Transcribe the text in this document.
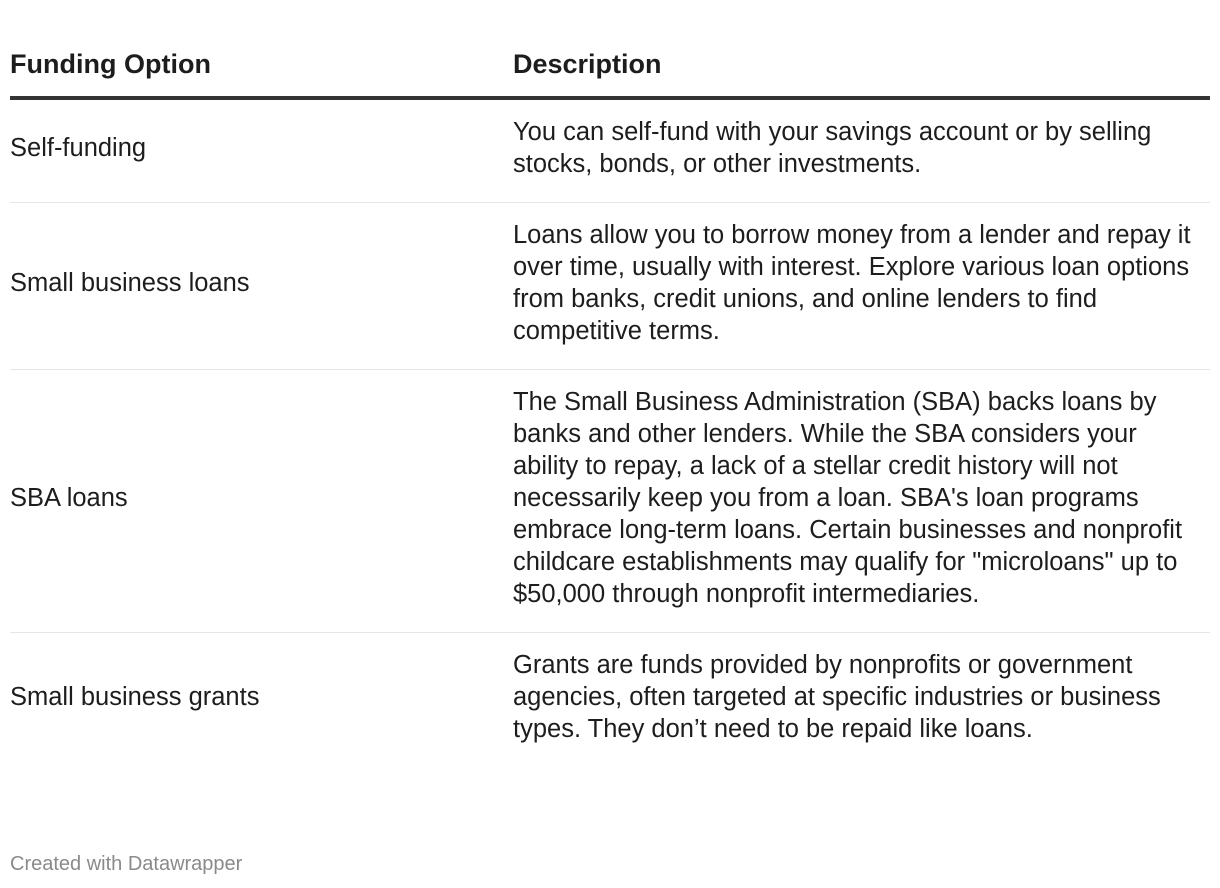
Funding Option	Description
Self-funding	You can self-fund with your savings account or by selling stocks, bonds, or other investments.
Small business loans	Loans allow you to borrow money from a lender and repay it over time, usually with interest. Explore various loan options from banks, credit unions, and online lenders to find competitive terms.
SBA loans	The Small Business Administration (SBA) backs loans by banks and other lenders. While the SBA considers your ability to repay, a lack of a stellar credit history will not necessarily keep you from a loan. SBA's loan programs embrace long-term loans. Certain businesses and nonprofit childcare establishments may qualify for "microloans" up to $50,000 through nonprofit intermediaries.
Small business grants	Grants are funds provided by nonprofits or government agencies, often targeted at specific industries or business types. They don’t need to be repaid like loans.
Created with Datawrapper
